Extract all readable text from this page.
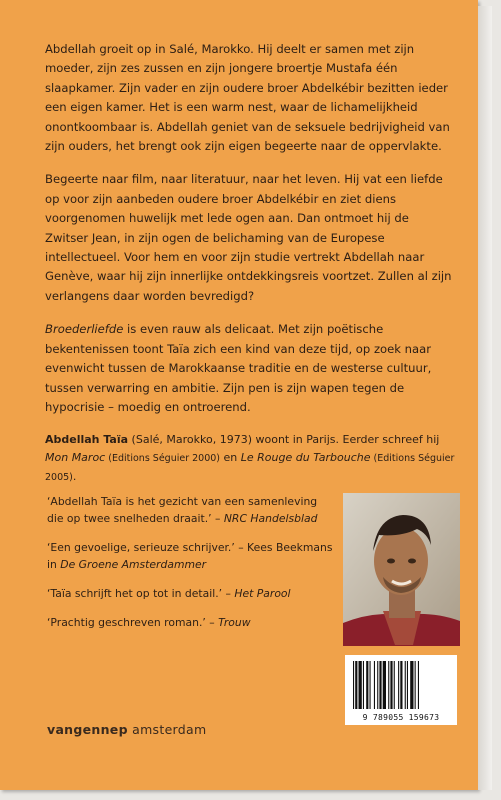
Abdellah groeit op in Salé, Marokko. Hij deelt er samen met zijn moeder, zijn zes zussen en zijn jongere broertje Mustafa één slaapkamer. Zijn vader en zijn oudere broer Abdelkébir bezitten ieder een eigen kamer. Het is een warm nest, waar de lichamelijkheid onontkoombaar is. Abdellah geniet van de seksuele bedrijvigheid van zijn ouders, het brengt ook zijn eigen begeerte naar de oppervlakte.

Begeerte naar film, naar literatuur, naar het leven. Hij vat een liefde op voor zijn aanbeden oudere broer Abdelkébir en ziet diens voorgenomen huwelijk met lede ogen aan. Dan ontmoet hij de Zwitser Jean, in zijn ogen de belichaming van de Europese intellectueel. Voor hem en voor zijn studie vertrekt Abdellah naar Genève, waar hij zijn innerlijke ontdekkingsreis voortzet. Zullen al zijn verlangens daar worden bevredigd?

Broederliefde is even rauw als delicaat. Met zijn poëtische bekentenissen toont Taïa zich een kind van deze tijd, op zoek naar evenwicht tussen de Marokkaanse traditie en de westerse cultuur, tussen verwarring en ambitie. Zijn pen is zijn wapen tegen de hypocrisie – moedig en ontroerend.

Abdellah Taïa (Salé, Marokko, 1973) woont in Parijs. Eerder schreef hij Mon Maroc (Editions Séguier 2000) en Le Rouge du Tarbouche (Editions Séguier 2005).

‘Abdellah Taïa is het gezicht van een samenleving die op twee snelheden draait.’ – NRC Handelsblad

‘Een gevoelige, serieuze schrijver.’ – Kees Beekmans in De Groene Amsterdammer

‘Taïa schrijft het op tot in detail.’ – Het Parool

‘Prachtig geschreven roman.’ – Trouw

9 789055 159673
vangennep amsterdam
